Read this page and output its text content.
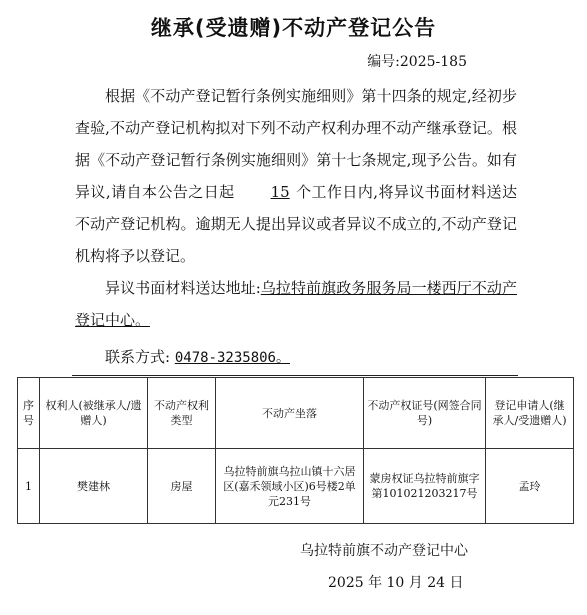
继承(受遗赠)不动产登记公告
编号:2025-185

根据《不动产登记暂行条例实施细则》第十四条的规定,经初步查验,不动产登记机构拟对下列不动产权利办理不动产继承登记。根据《不动产登记暂行条例实施细则》第十七条规定,现予公告。如有异议,请自本公告之日起 15 个工作日内,将异议书面材料送达不动产登记机构。逾期无人提出异议或者异议不成立的,不动产登记机构将予以登记。

异议书面材料送达地址:乌拉特前旗政务服务局一楼西厅不动产登记中心。

联系方式: 0478-3235806。
序号	权利人(被继承人/遗赠人)	不动产权利类型	不动产坐落	不动产权证号(网签合同号)	登记申请人(继承人/受遗赠人)
1	樊建林	房屋	乌拉特前旗乌拉山镇十六居区(嘉禾领域小区)6号楼2单元231号	蒙房权证乌拉特前旗字第101021203217号	孟玲
乌拉特前旗不动产登记中心
2025 年 10 月 24 日
